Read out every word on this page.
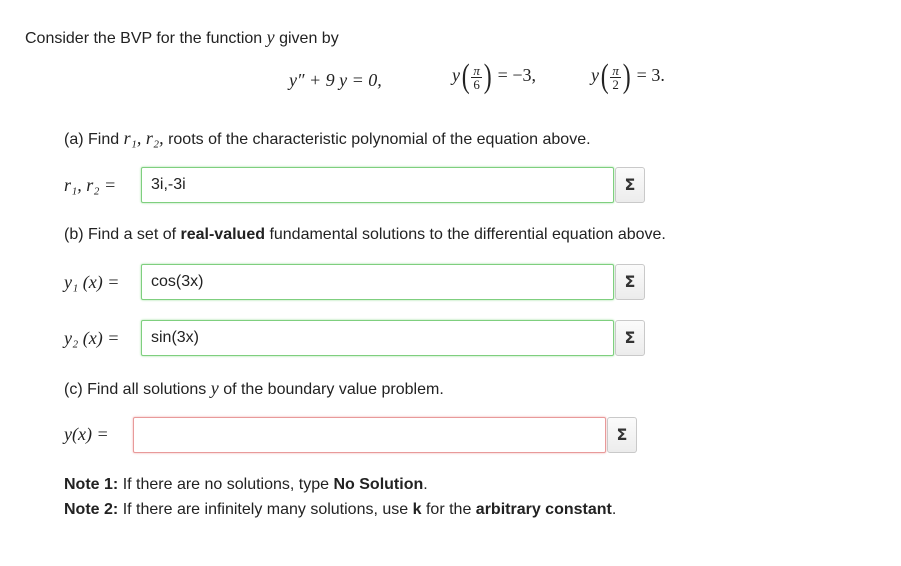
Consider the BVP for the function y given by
y″ + 9 y = 0,	$y( \frac{\pi}{6}$ ) = −3,	$y( \frac{\pi}{2}$ ) = 3.
(a) Find r₁, r₂, roots of the characteristic polynomial of the equation above.
r₁, r₂ =	3i,-3i	Σ
(b) Find a set of real-valued fundamental solutions to the differential equation above.
y₁ (x) =	cos(3x)	Σ
y₂ (x) =	sin(3x)	Σ
(c) Find all solutions y of the boundary value problem.
y(x) =	Σ
Note 1: If there are no solutions, type No Solution.
Note 2: If there are infinitely many solutions, use k for the arbitrary constant.
